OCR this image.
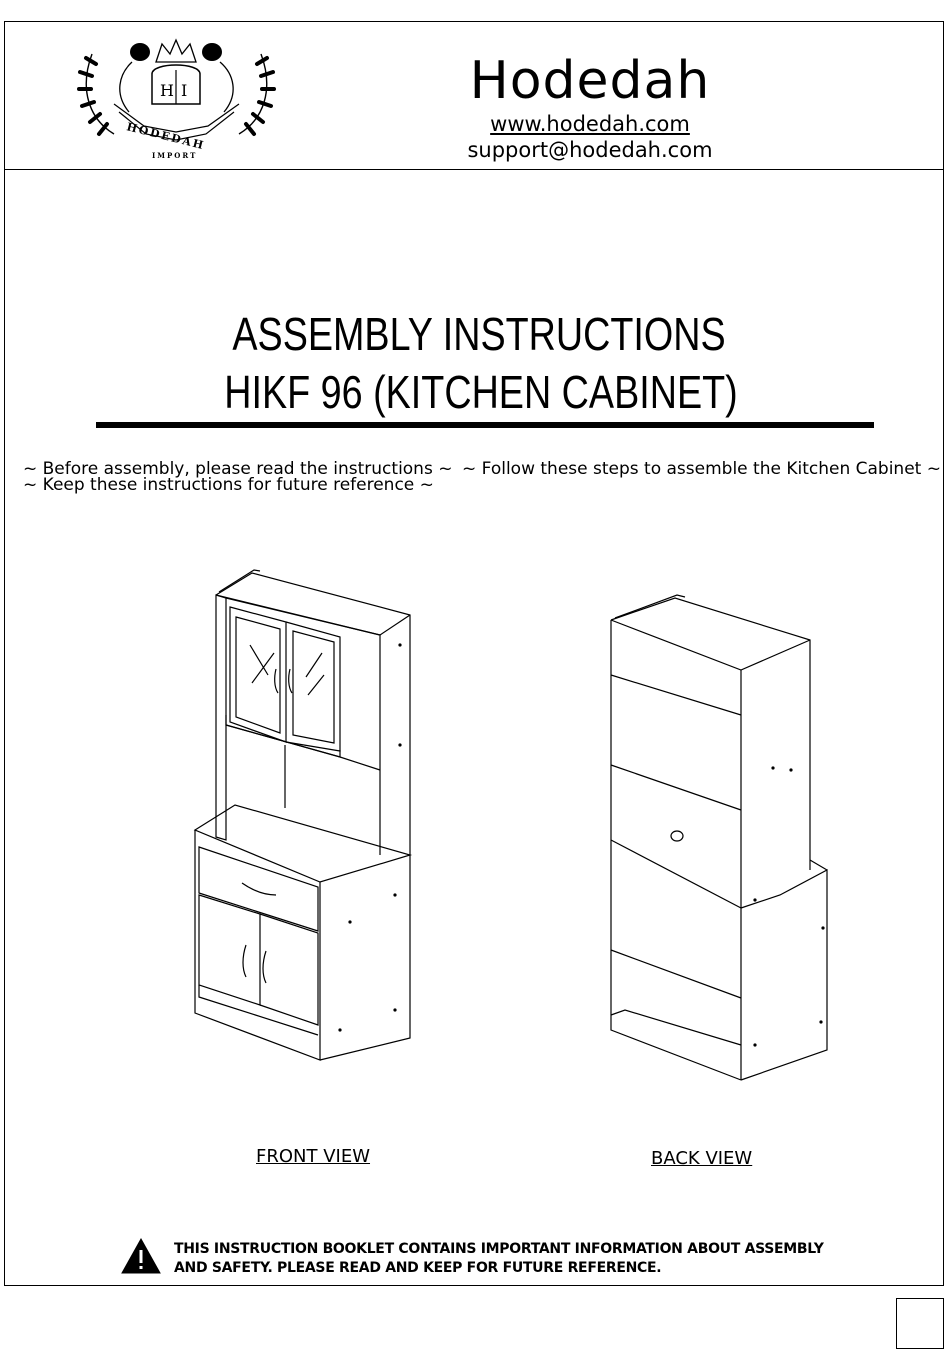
H I
HODEDAH
IMPORT
Hodedah
www.hodedah.com
support@hodedah.com
ASSEMBLY INSTRUCTIONS
HIKF 96 (KITCHEN CABINET)
~ Before assembly, please read the instructions ~
~ Keep these instructions for future reference ~
~ Follow these steps to assemble the Kitchen Cabinet ~
FRONT VIEW	BACK VIEW
THIS INSTRUCTION BOOKLET CONTAINS IMPORTANT INFORMATION ABOUT ASSEMBLY AND SAFETY. PLEASE READ AND KEEP FOR FUTURE REFERENCE.
